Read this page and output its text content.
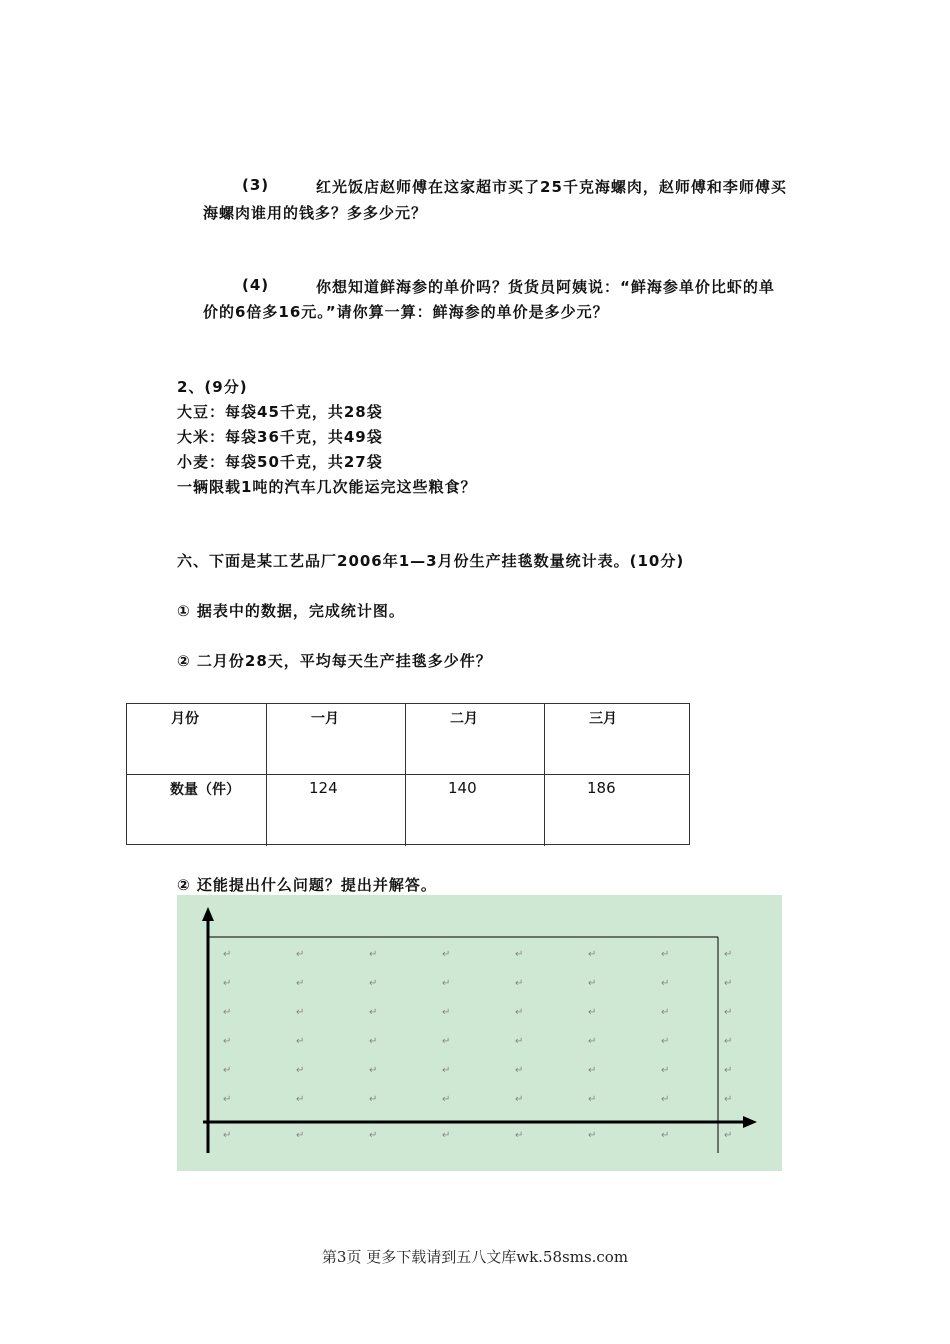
(3)	红光饭店赵师傅在这家超市买了25千克海螺肉，赵师傅和李师傅买
海螺肉谁用的钱多？多多少元？
(4)	你想知道鲜海参的单价吗？货货员阿姨说：“鲜海参单价比虾的单
价的6倍多16元。”请你算一算：鲜海参的单价是多少元？
2、(9分)
大豆：每袋45千克，共28袋
大米：每袋36千克，共49袋
小麦：每袋50千克，共27袋
一辆限载1吨的汽车几次能运完这些粮食？
六、下面是某工艺品厂2006年1—3月份生产挂毯数量统计表。(10分)
① 据表中的数据，完成统计图。
② 二月份28天，平均每天生产挂毯多少件？
月份	一月	二月	三月
数量（件）	124	140	186
② 还能提出什么问题？提出并解答。
↵	↵	↵	↵	↵	↵	↵	↵
↵	↵	↵	↵	↵	↵	↵	↵
↵	↵	↵	↵	↵	↵	↵	↵
↵	↵	↵	↵	↵	↵	↵	↵
↵	↵	↵	↵	↵	↵	↵	↵
↵	↵	↵	↵	↵	↵	↵	↵
↵	↵	↵	↵	↵	↵	↵	↵
第3页 更多下载请到五八文库wk.58sms.com
